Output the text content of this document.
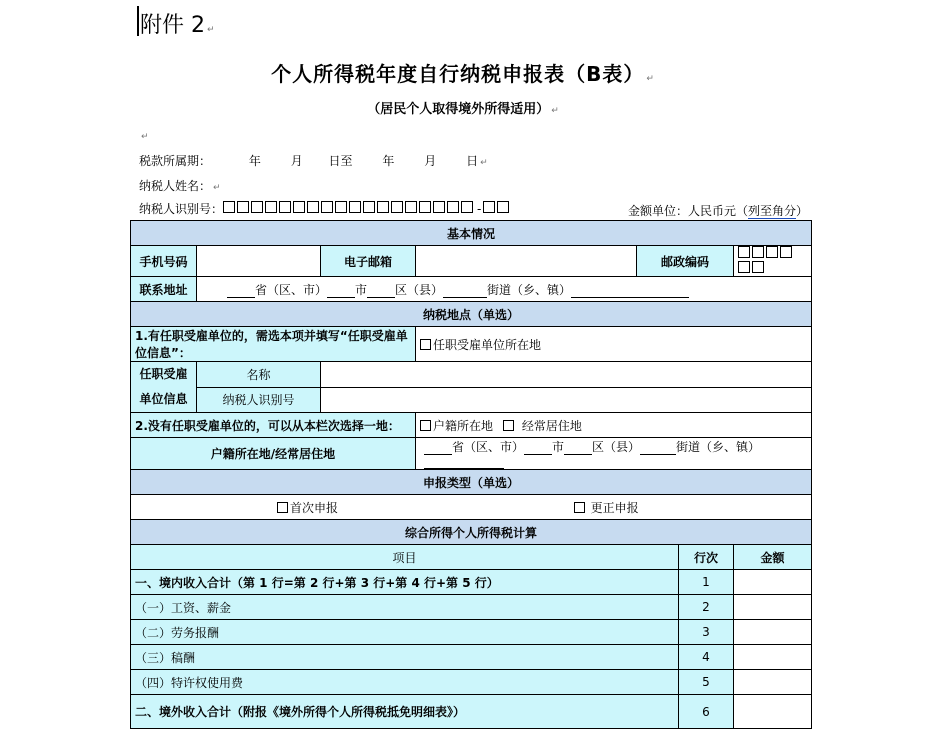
附件 2 ↵
个人所得税年度自行纳税申报表（B表） ↵
（居民个人取得境外所得适用） ↵
↵
税款所属期：	年 月 日至 年 月 日 ↵
纳税人姓名： ↵
纳税人识别号：	-	金额单位：人民币元（列至角分）
基本情况						
手机号码		电子邮箱		邮政编码		
联系地址	省（区、市） 市 区（县） 街道（乡、镇）					
纳税地点（单选）						
1.有任职受雇单位的，需选本项并填写“任职受雇单位信息”：			任职受雇单位所在地			
任职受雇
单位信息	名称					
	纳税人识别号					
2.没有任职受雇单位的，可以从本栏次选择一地：			户籍所在地 经常居住地			
户籍所在地/经常居住地			省（区、市） 市 区（县） 街道（乡、镇）			
申报类型（单选）						
首次申报 更正申报						
综合所得个人所得税计算						
项目					行次	金额
一、境内收入合计（第 1 行=第 2 行+第 3 行+第 4 行+第 5 行）					1	
（一）工资、薪金					2	
（二）劳务报酬					3	
（三）稿酬					4	
（四）特许权使用费					5	
二、境外收入合计（附报《境外所得个人所得税抵免明细表》）					6	
